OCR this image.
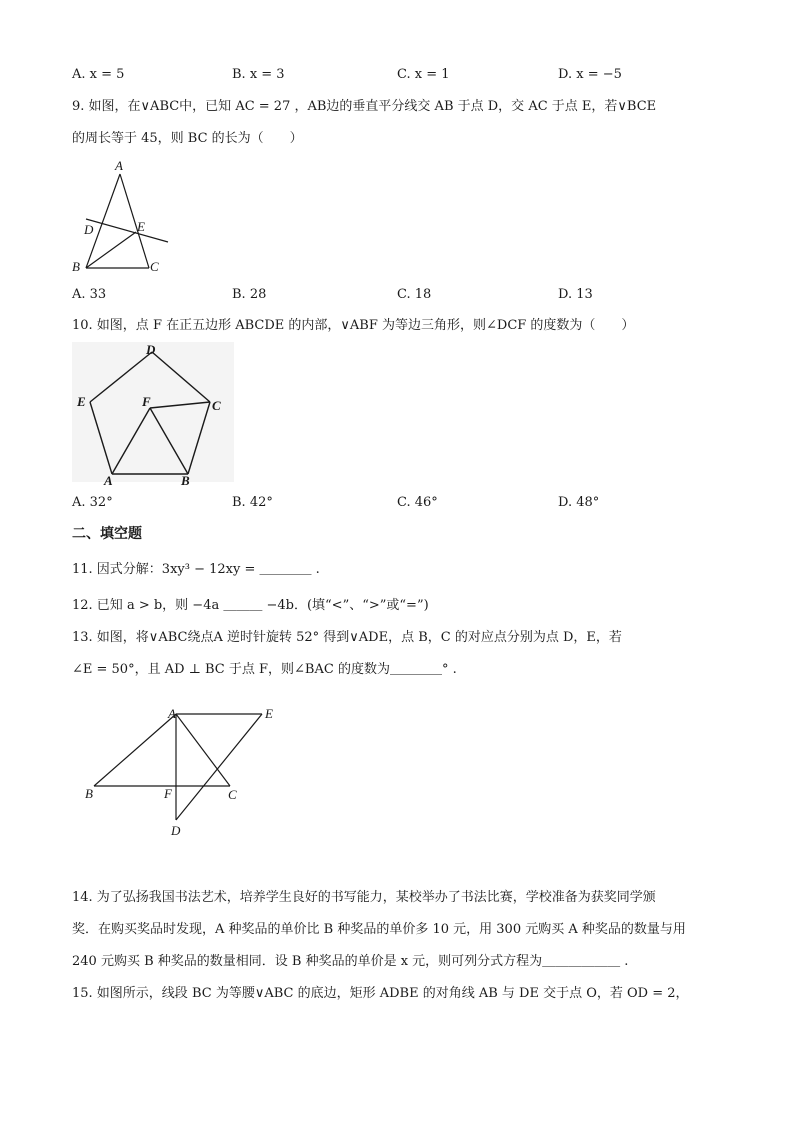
A. x = 5	B. x = 3	C. x = 1	D. x = −5
9. 如图，在∨ABC中，已知 AC = 27 ，AB边的垂直平分线交 AB 于点 D，交 AC 于点 E，若∨BCE
的周长等于 45，则 BC 的长为（　　）
A
D	E
B	C
A. 33	B. 28	C. 18	D. 13
10. 如图，点 F 在正五边形 ABCDE 的内部，∨ABF 为等边三角形，则∠DCF 的度数为（　　）
D
E	F	C
A	B
A. 32°	B. 42°	C. 46°	D. 48°
二、填空题
11. 因式分解：3xy³ − 12xy = ＿＿＿＿ .
12. 已知 a > b，则 −4a ＿＿＿ −4b．(填“<”、“>”或“=”)
13. 如图，将∨ABC绕点A 逆时针旋转 52° 得到∨ADE，点 B，C 的对应点分别为点 D，E，若
∠E = 50°，且 AD ⊥ BC 于点 F，则∠BAC 的度数为＿＿＿＿° .
A	E
B	F	C
D
14. 为了弘扬我国书法艺术，培养学生良好的书写能力，某校举办了书法比赛，学校准备为获奖同学颁
奖．在购买奖品时发现，A 种奖品的单价比 B 种奖品的单价多 10 元，用 300 元购买 A 种奖品的数量与用
240 元购买 B 种奖品的数量相同．设 B 种奖品的单价是 x 元，则可列分式方程为＿＿＿＿＿＿ .
15. 如图所示，线段 BC 为等腰∨ABC 的底边，矩形 ADBE 的对角线 AB 与 DE 交于点 O，若 OD = 2，
